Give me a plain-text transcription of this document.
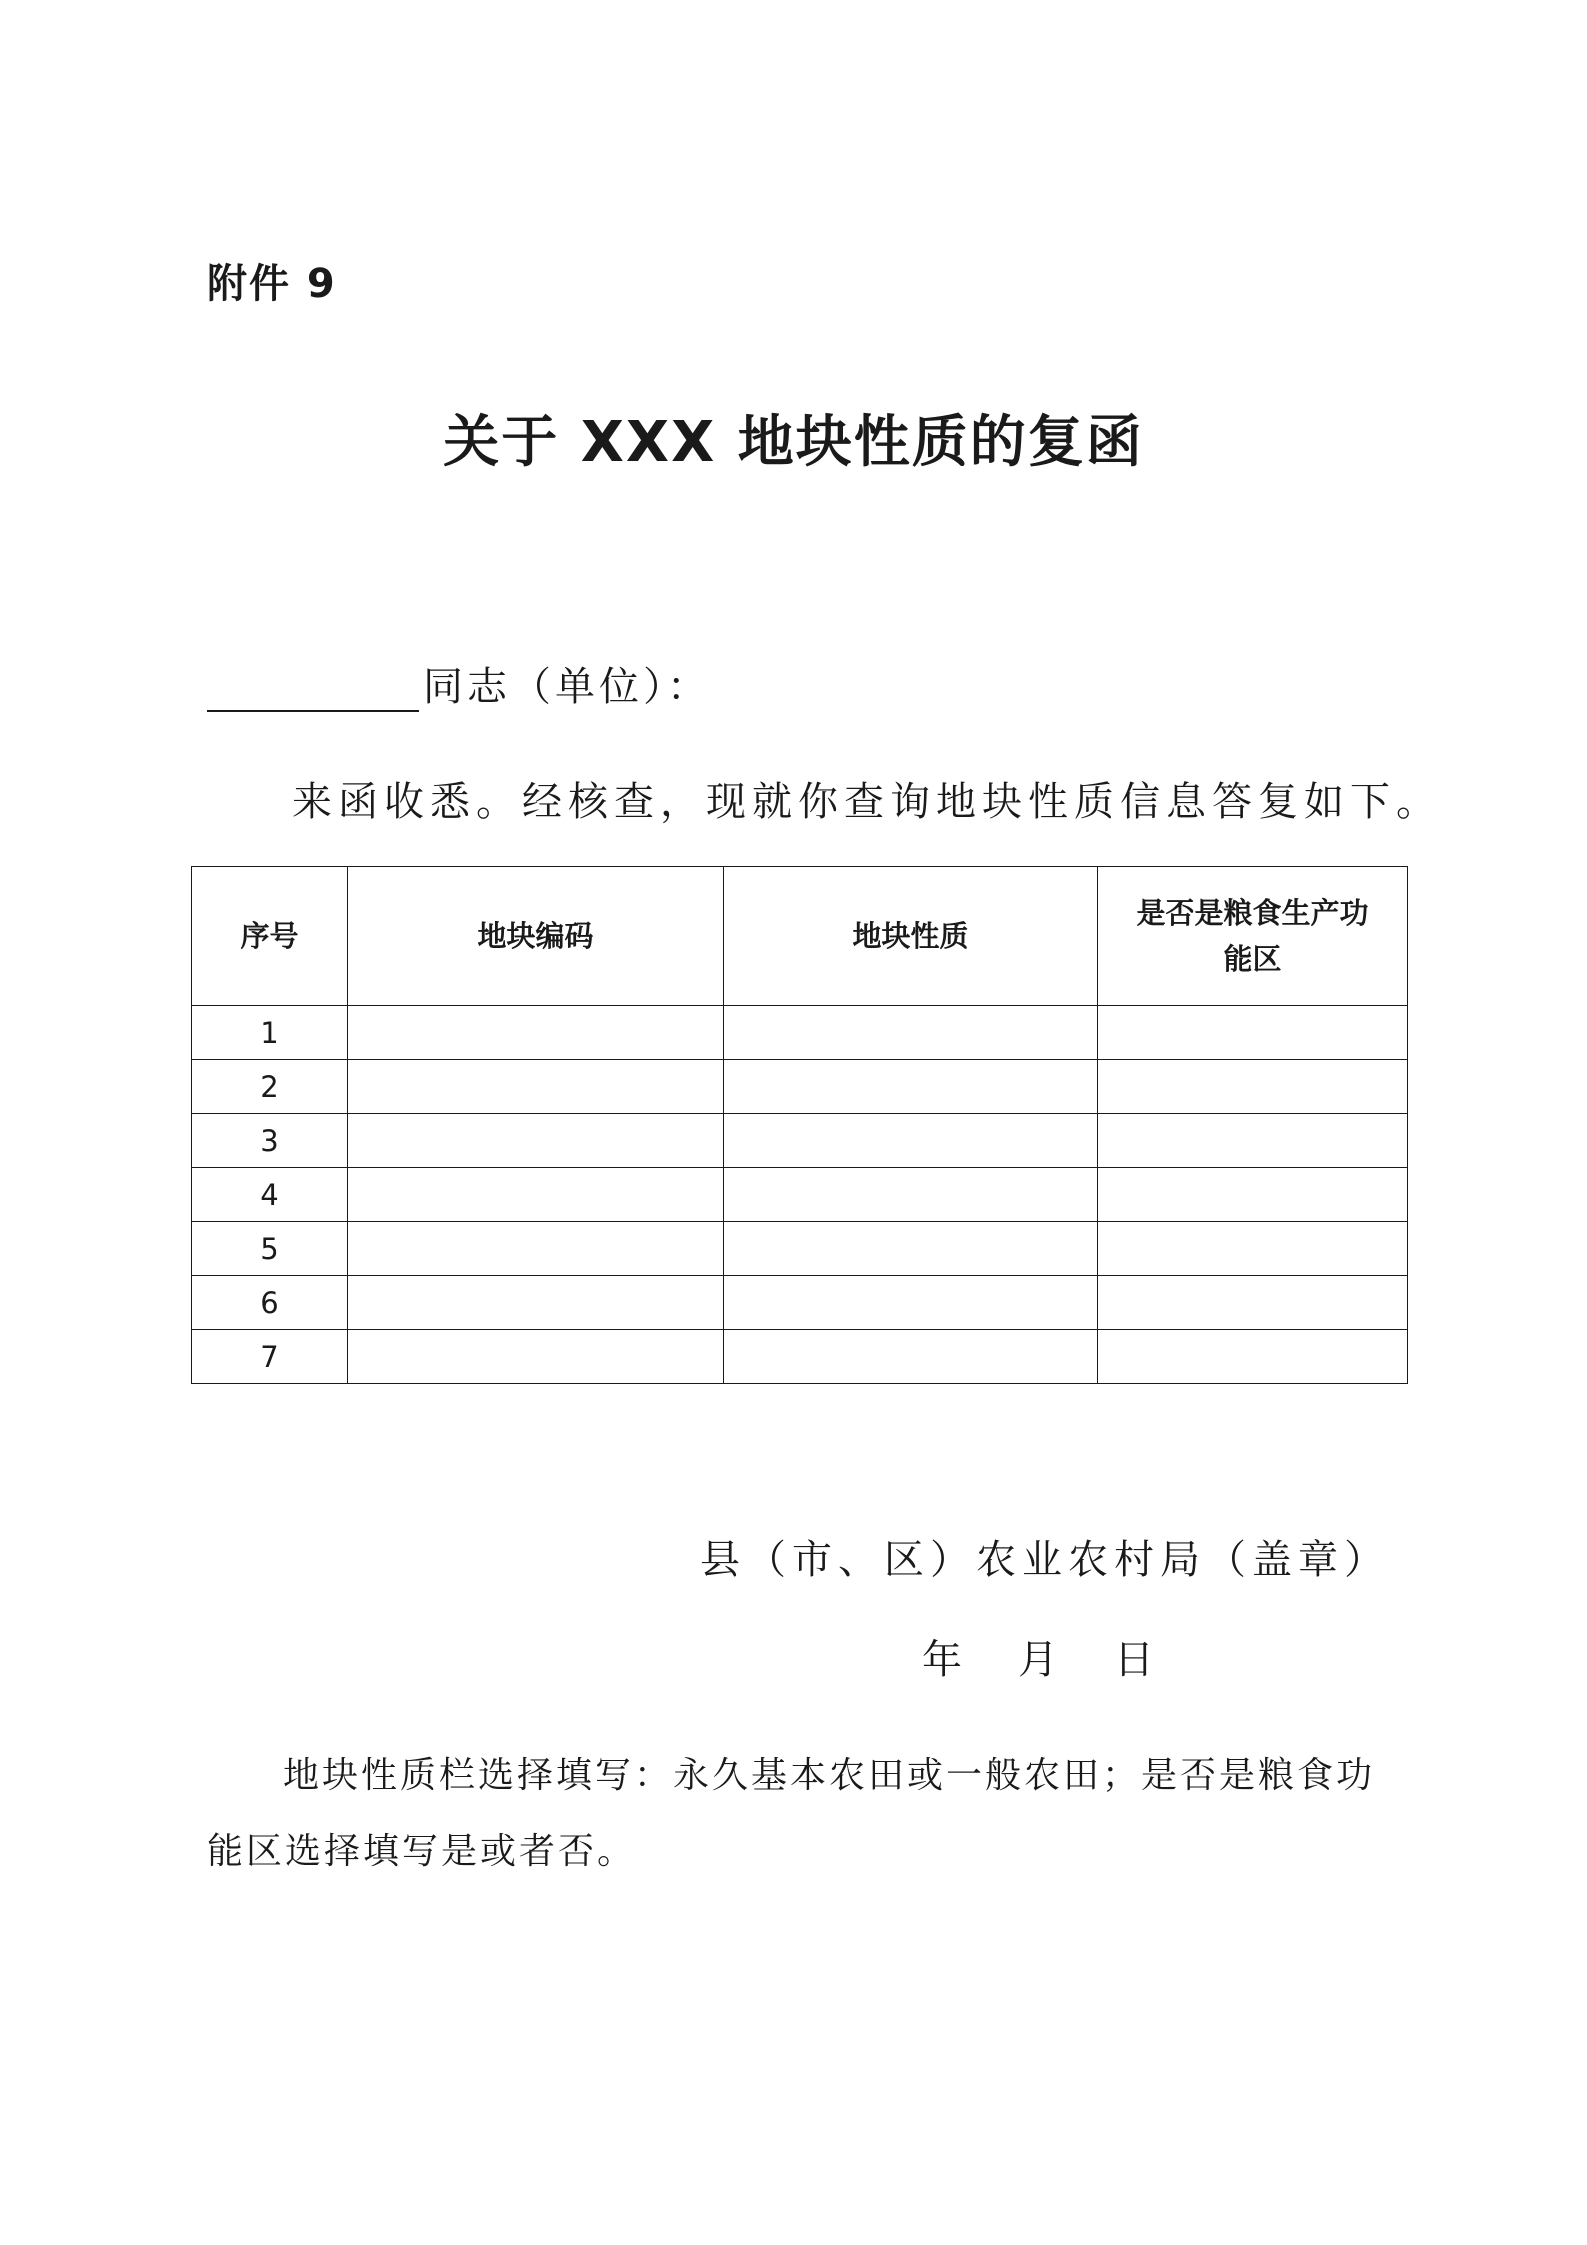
附件 9
关于 XXX 地块性质的复函
同志（单位）：
来函收悉。经核查，现就你查询地块性质信息答复如下。
序号	地块编码	地块性质	是否是粮食生产功能区
1			
2			
3			
4			
5			
6			
7			
县（市、区）农业农村局（盖章）
年 月 日
地块性质栏选择填写：永久基本农田或一般农田；是否是粮食功能区选择填写是或者否。
